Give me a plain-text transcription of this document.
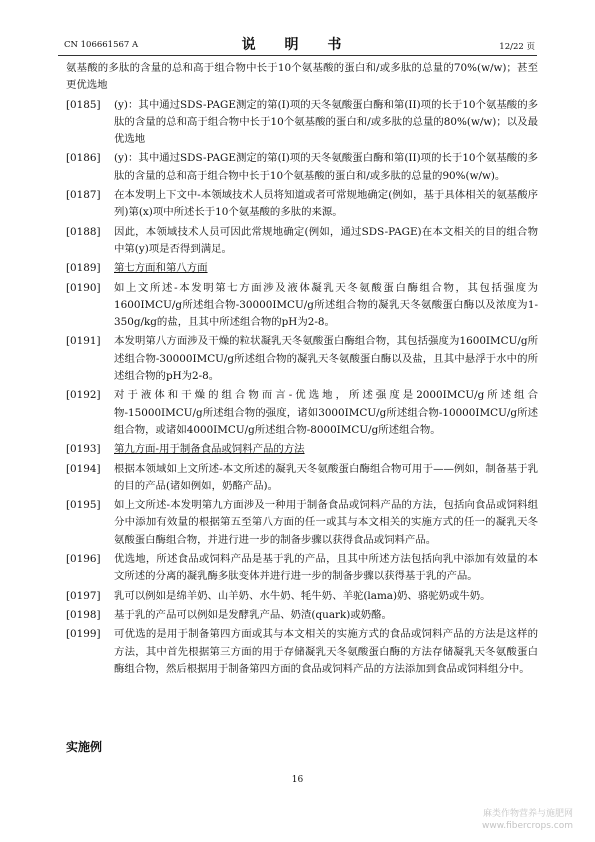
CN 106661567 A	说 明 书	12/22 页
氨基酸的多肽的含量的总和高于组合物中长于10个氨基酸的蛋白和/或多肽的总量的70%(w/w)；甚至更优选地
[0185]	(y)：其中通过SDS-PAGE测定的第(I)项的天冬氨酸蛋白酶和第(II)项的长于10个氨基酸的多肽的含量的总和高于组合物中长于10个氨基酸的蛋白和/或多肽的总量的80%(w/w)；以及最优选地
[0186]	(y)：其中通过SDS-PAGE测定的第(I)项的天冬氨酸蛋白酶和第(II)项的长于10个氨基酸的多肽的含量的总和高于组合物中长于10个氨基酸的蛋白和/或多肽的总量的90%(w/w)。
[0187]	在本发明上下文中-本领域技术人员将知道或者可常规地确定(例如，基于具体相关的氨基酸序列)第(x)项中所述长于10个氨基酸的多肽的来源。
[0188]	因此，本领域技术人员可因此常规地确定(例如，通过SDS-PAGE)在本文相关的目的组合物中第(y)项是否得到满足。
[0189]	第七方面和第八方面
[0190]	如上文所述-本发明第七方面涉及液体凝乳天冬氨酸蛋白酶组合物，其包括强度为1600IMCU/g所述组合物-30000IMCU/g所述组合物的凝乳天冬氨酸蛋白酶以及浓度为1-350g/kg的盐，且其中所述组合物的pH为2-8。
[0191]	本发明第八方面涉及干燥的粒状凝乳天冬氨酸蛋白酶组合物，其包括强度为1600IMCU/g所述组合物-30000IMCU/g所述组合物的凝乳天冬氨酸蛋白酶以及盐，且其中悬浮于水中的所述组合物的pH为2-8。
[0192]	对于液体和干燥的组合物而言-优选地，所述强度是2000IMCU/g所述组合物-15000IMCU/g所述组合物的强度，诸如3000IMCU/g所述组合物-10000IMCU/g所述组合物，或诸如4000IMCU/g所述组合物-8000IMCU/g所述组合物。
[0193]	第九方面-用于制备食品或饲料产品的方法
[0194]	根据本领域如上文所述-本文所述的凝乳天冬氨酸蛋白酶组合物可用于——例如，制备基于乳的目的产品(诸如例如，奶酪产品)。
[0195]	如上文所述-本发明第九方面涉及一种用于制备食品或饲料产品的方法，包括向食品或饲料组分中添加有效量的根据第五至第八方面的任一或其与本文相关的实施方式的任一的凝乳天冬氨酸蛋白酶组合物，并进行进一步的制备步骤以获得食品或饲料产品。
[0196]	优选地，所述食品或饲料产品是基于乳的产品，且其中所述方法包括向乳中添加有效量的本文所述的分离的凝乳酶多肽变体并进行进一步的制备步骤以获得基于乳的产品。
[0197]	乳可以例如是绵羊奶、山羊奶、水牛奶、牦牛奶、羊驼(lama)奶、骆驼奶或牛奶。
[0198]	基于乳的产品可以例如是发酵乳产品、奶渣(quark)或奶酪。
[0199]	可优选的是用于制备第四方面或其与本文相关的实施方式的食品或饲料产品的方法是这样的方法，其中首先根据第三方面的用于存储凝乳天冬氨酸蛋白酶的方法存储凝乳天冬氨酸蛋白酶组合物，然后根据用于制备第四方面的食品或饲料产品的方法添加到食品或饲料组分中。
实施例
16
麻类作物营养与施肥网
www.fibercrops.com
